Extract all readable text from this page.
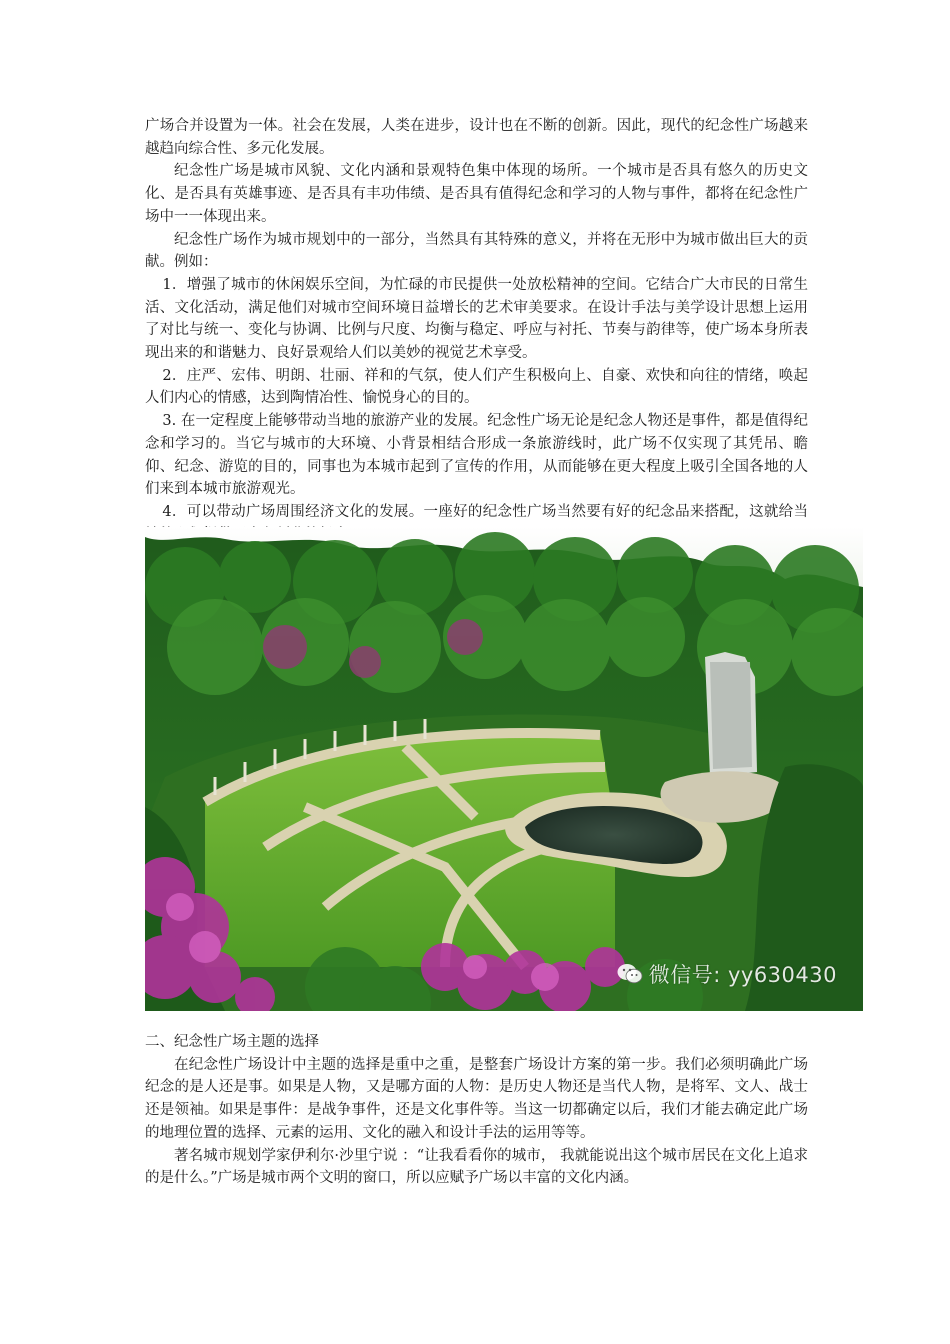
广场合并设置为一体。社会在发展，人类在进步，设计也在不断的创新。因此，现代的纪念性广场越来越趋向综合性、多元化发展。

纪念性广场是城市风貌、文化内涵和景观特色集中体现的场所。一个城市是否具有悠久的历史文化、是否具有英雄事迹、是否具有丰功伟绩、是否具有值得纪念和学习的人物与事件，都将在纪念性广场中一一体现出来。

纪念性广场作为城市规划中的一部分，当然具有其特殊的意义，并将在无形中为城市做出巨大的贡献。例如：

1．增强了城市的休闲娱乐空间，为忙碌的市民提供一处放松精神的空间。它结合广大市民的日常生活、文化活动，满足他们对城市空间环境日益增长的艺术审美要求。在设计手法与美学设计思想上运用了对比与统一、变化与协调、比例与尺度、均衡与稳定、呼应与衬托、节奏与韵律等，使广场本身所表现出来的和谐魅力、良好景观给人们以美妙的视觉艺术享受。

2．庄严、宏伟、明朗、壮丽、祥和的气氛，使人们产生积极向上、自豪、欢快和向往的情绪，唤起人们内心的情感，达到陶情冶性、愉悦身心的目的。

3. 在一定程度上能够带动当地的旅游产业的发展。纪念性广场无论是纪念人物还是事件，都是值得纪念和学习的。当它与城市的大环境、小背景相结合形成一条旅游线时，此广场不仅实现了其凭吊、瞻仰、纪念、游览的目的，同事也为本城市起到了宣传的作用，从而能够在更大程度上吸引全国各地的人们来到本城市旅游观光。

4．可以带动广场周围经济文化的发展。一座好的纪念性广场当然要有好的纪念品来搭配，这就给当

微信号: yy630430

二、纪念性广场主题的选择

在纪念性广场设计中主题的选择是重中之重，是整套广场设计方案的第一步。我们必须明确此广场纪念的是人还是事。如果是人物，又是哪方面的人物：是历史人物还是当代人物，是将军、文人、战士还是领袖。如果是事件：是战争事件，还是文化事件等。当这一切都确定以后，我们才能去确定此广场的地理位置的选择、元素的运用、文化的融入和设计手法的运用等等。

著名城市规划学家伊利尔·沙里宁说 ：“让我看看你的城市， 我就能说出这个城市居民在文化上追求的是什么。”广场是城市两个文明的窗口，所以应赋予广场以丰富的文化内涵。
